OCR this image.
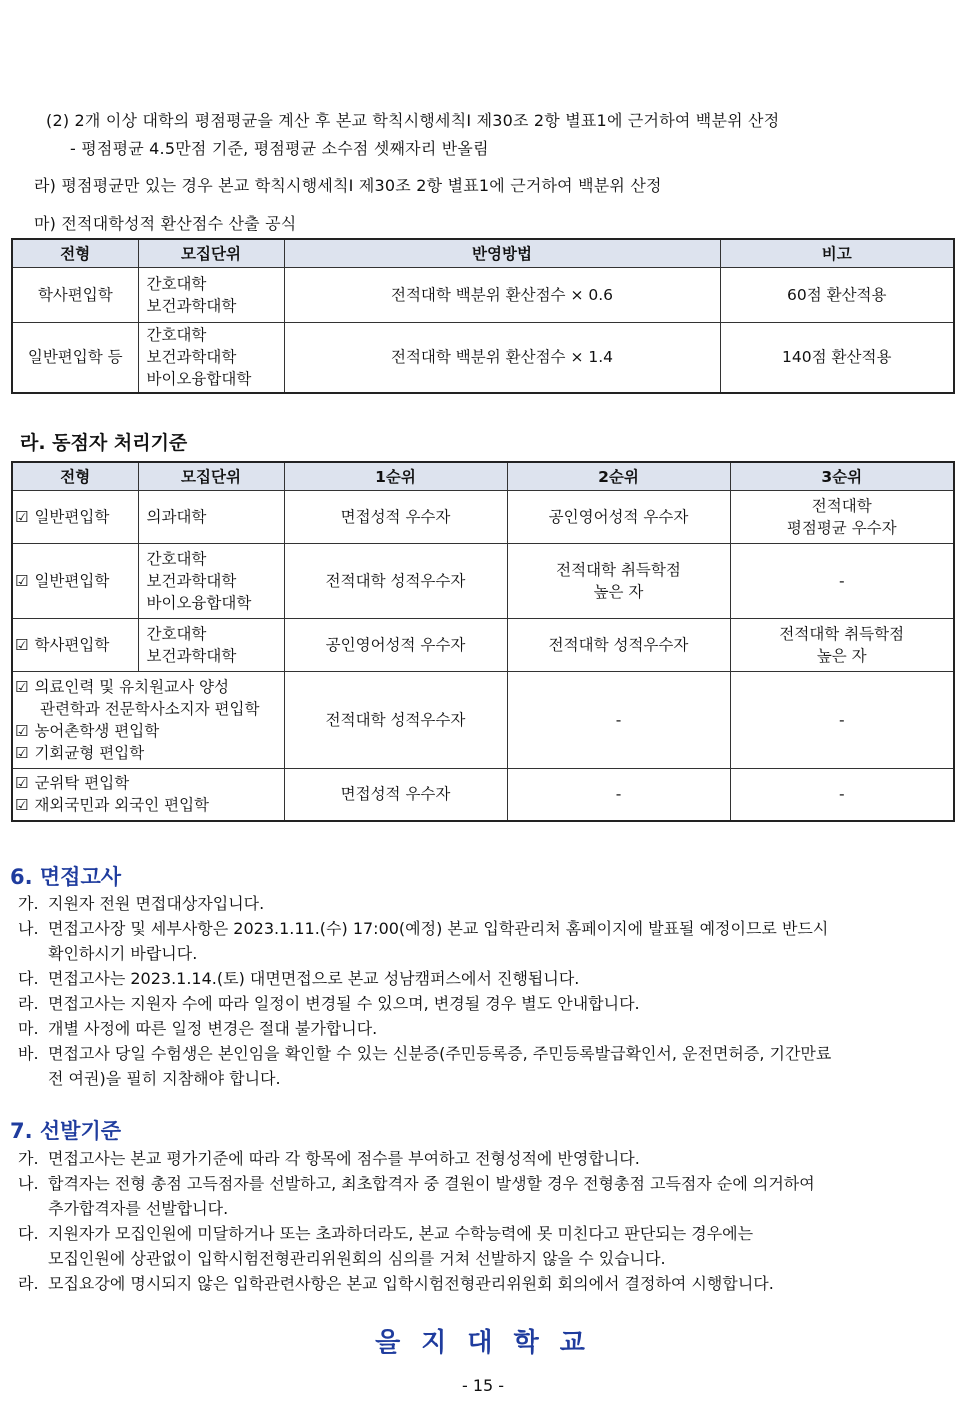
(2) 2개 이상 대학의 평점평균을 계산 후 본교 학칙시행세칙Ⅰ 제30조 2항 별표1에 근거하여 백분위 산정
- 평점평균 4.5만점 기준, 평점평균 소수점 셋째자리 반올림
라) 평점평균만 있는 경우 본교 학칙시행세칙Ⅰ 제30조 2항 별표1에 근거하여 백분위 산정
마) 전적대학성적 환산점수 산출 공식
전형	모집단위	반영방법	비고
학사편입학	간호대학
보건과학대학	전적대학 백분위 환산점수 × 0.6	60점 환산적용
일반편입학 등	간호대학
보건과학대학
바이오융합대학	전적대학 백분위 환산점수 × 1.4	140점 환산적용
라. 동점자 처리기준
전형	모집단위	1순위	2순위	3순위
☑ 일반편입학	의과대학	면접성적 우수자	공인영어성적 우수자	전적대학
평점평균 우수자

☑ 일반편입학	간호대학
보건과학대학
바이오융합대학	전적대학 성적우수자	전적대학 취득학점
높은 자	-
☑ 학사편입학	간호대학
보건과학대학	공인영어성적 우수자	전적대학 성적우수자	전적대학 취득학점
높은 자

☑ 의료인력 및 유치원교사 양성
관련학과 전문학사소지자 편입학
☑ 농어촌학생 편입학
☑ 기회균형 편입학		전적대학 성적우수자	-	-

☑ 군위탁 편입학
☑ 재외국민과 외국인 편입학		면접성적 우수자	-	-
6. 면접고사
가. 지원자 전원 면접대상자입니다.
나. 면접고사장 및 세부사항은 2023.1.11.(수) 17:00(예정) 본교 입학관리처 홈페이지에 발표될 예정이므로 반드시
확인하시기 바랍니다.
다. 면접고사는 2023.1.14.(토) 대면면접으로 본교 성남캠퍼스에서 진행됩니다.
라. 면접고사는 지원자 수에 따라 일정이 변경될 수 있으며, 변경될 경우 별도 안내합니다.
마. 개별 사정에 따른 일정 변경은 절대 불가합니다.
바. 면접고사 당일 수험생은 본인임을 확인할 수 있는 신분증(주민등록증, 주민등록발급확인서, 운전면허증, 기간만료
전 여권)을 필히 지참해야 합니다.
7. 선발기준
가. 면접고사는 본교 평가기준에 따라 각 항목에 점수를 부여하고 전형성적에 반영합니다.
나. 합격자는 전형 총점 고득점자를 선발하고, 최초합격자 중 결원이 발생할 경우 전형총점 고득점자 순에 의거하여
추가합격자를 선발합니다.
다. 지원자가 모집인원에 미달하거나 또는 초과하더라도, 본교 수학능력에 못 미친다고 판단되는 경우에는
모집인원에 상관없이 입학시험전형관리위원회의 심의를 거쳐 선발하지 않을 수 있습니다.
라. 모집요강에 명시되지 않은 입학관련사항은 본교 입학시험전형관리위원회 회의에서 결정하여 시행합니다.
을 지 대 학 교
- 15 -
